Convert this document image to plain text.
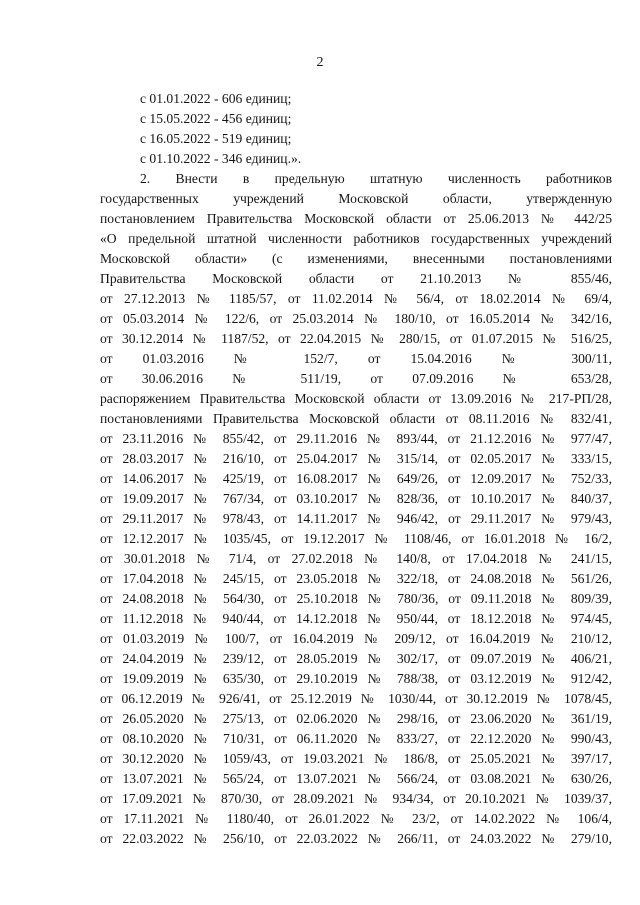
2
с 01.01.2022 - 606 единиц;
с 15.05.2022 - 456 единиц;
с 16.05.2022 - 519 единиц;
с 01.10.2022 - 346 единиц.».
2. Внести в предельную штатную численность работников
государственных учреждений Московской области, утвержденную
постановлением Правительства Московской области от 25.06.2013 № 442/25
«О предельной штатной численности работников государственных учреждений
Московской области» (с изменениями, внесенными постановлениями
Правительства Московской области от 21.10.2013 № 855/46,
от 27.12.2013 № 1185/57, от 11.02.2014 № 56/4, от 18.02.2014 № 69/4,
от 05.03.2014 № 122/6, от 25.03.2014 № 180/10, от 16.05.2014 № 342/16,
от 30.12.2014 № 1187/52, от 22.04.2015 № 280/15, от 01.07.2015 № 516/25,
от 01.03.2016 № 152/7, от 15.04.2016 № 300/11,
от 30.06.2016 № 511/19, от 07.09.2016 № 653/28,
распоряжением Правительства Московской области от 13.09.2016 № 217-РП/28,
постановлениями Правительства Московской области от 08.11.2016 № 832/41,
от 23.11.2016 № 855/42, от 29.11.2016 № 893/44, от 21.12.2016 № 977/47,
от 28.03.2017 № 216/10, от 25.04.2017 № 315/14, от 02.05.2017 № 333/15,
от 14.06.2017 № 425/19, от 16.08.2017 № 649/26, от 12.09.2017 № 752/33,
от 19.09.2017 № 767/34, от 03.10.2017 № 828/36, от 10.10.2017 № 840/37,
от 29.11.2017 № 978/43, от 14.11.2017 № 946/42, от 29.11.2017 № 979/43,
от 12.12.2017 № 1035/45, от 19.12.2017 № 1108/46, от 16.01.2018 № 16/2,
от 30.01.2018 № 71/4, от 27.02.2018 № 140/8, от 17.04.2018 № 241/15,
от 17.04.2018 № 245/15, от 23.05.2018 № 322/18, от 24.08.2018 № 561/26,
от 24.08.2018 № 564/30, от 25.10.2018 № 780/36, от 09.11.2018 № 809/39,
от 11.12.2018 № 940/44, от 14.12.2018 № 950/44, от 18.12.2018 № 974/45,
от 01.03.2019 № 100/7, от 16.04.2019 № 209/12, от 16.04.2019 № 210/12,
от 24.04.2019 № 239/12, от 28.05.2019 № 302/17, от 09.07.2019 № 406/21,
от 19.09.2019 № 635/30, от 29.10.2019 № 788/38, от 03.12.2019 № 912/42,
от 06.12.2019 № 926/41, от 25.12.2019 № 1030/44, от 30.12.2019 № 1078/45,
от 26.05.2020 № 275/13, от 02.06.2020 № 298/16, от 23.06.2020 № 361/19,
от 08.10.2020 № 710/31, от 06.11.2020 № 833/27, от 22.12.2020 № 990/43,
от 30.12.2020 № 1059/43, от 19.03.2021 № 186/8, от 25.05.2021 № 397/17,
от 13.07.2021 № 565/24, от 13.07.2021 № 566/24, от 03.08.2021 № 630/26,
от 17.09.2021 № 870/30, от 28.09.2021 № 934/34, от 20.10.2021 № 1039/37,
от 17.11.2021 № 1180/40, от 26.01.2022 № 23/2, от 14.02.2022 № 106/4,
от 22.03.2022 № 256/10, от 22.03.2022 № 266/11, от 24.03.2022 № 279/10,
